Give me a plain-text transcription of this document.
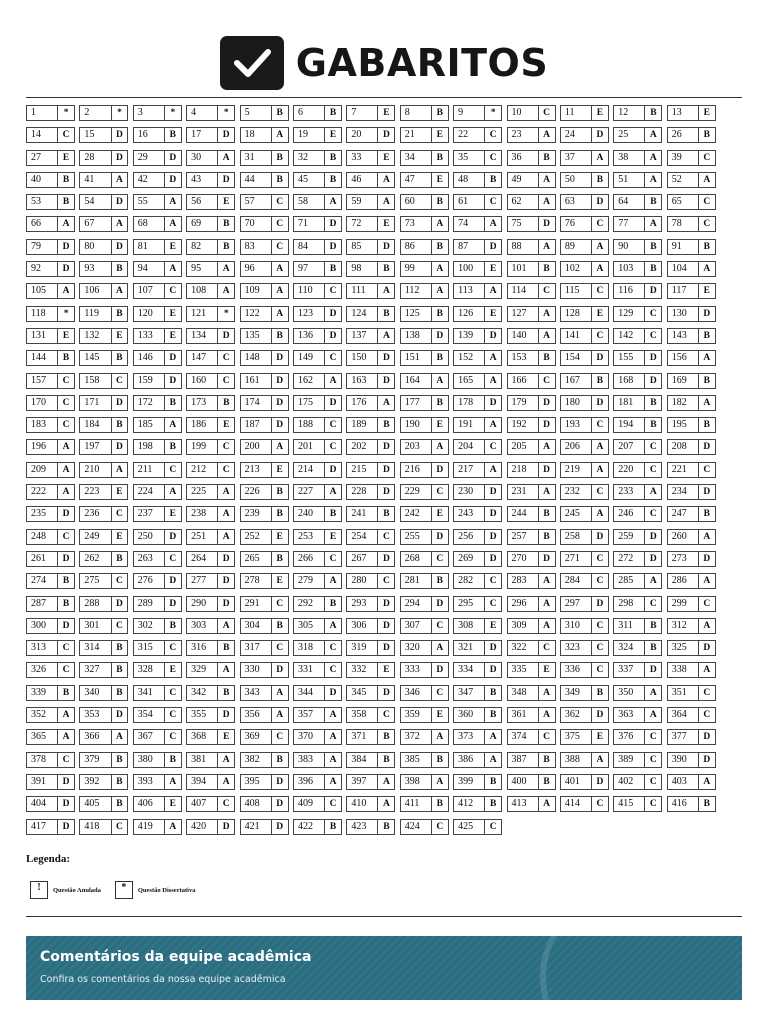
GABARITOS
1	*	2	*	3	*	4	*	5	B	6	B	7	E	8	B	9	*	10	C	11	E	12	B	13	E
14	C	15	D	16	B	17	D	18	A	19	E	20	D	21	E	22	C	23	A	24	D	25	A	26	B
27	E	28	D	29	D	30	A	31	B	32	B	33	E	34	B	35	C	36	B	37	A	38	A	39	C
40	B	41	A	42	D	43	D	44	B	45	B	46	A	47	E	48	B	49	A	50	B	51	A	52	A
53	B	54	D	55	A	56	E	57	C	58	A	59	A	60	B	61	C	62	A	63	D	64	B	65	C
66	A	67	A	68	A	69	B	70	C	71	D	72	E	73	A	74	A	75	D	76	C	77	A	78	C
79	D	80	D	81	E	82	B	83	C	84	D	85	D	86	B	87	D	88	A	89	A	90	B	91	B
92	D	93	B	94	A	95	A	96	A	97	B	98	B	99	A	100	E	101	B	102	A	103	B	104	A
105	A	106	A	107	C	108	A	109	A	110	C	111	A	112	A	113	A	114	C	115	C	116	D	117	E
118	*	119	B	120	E	121	*	122	A	123	D	124	B	125	B	126	E	127	A	128	E	129	C	130	D
131	E	132	E	133	E	134	D	135	B	136	D	137	A	138	D	139	D	140	A	141	C	142	C	143	B
144	B	145	B	146	D	147	C	148	D	149	C	150	D	151	B	152	A	153	B	154	D	155	D	156	A
157	C	158	C	159	D	160	C	161	D	162	A	163	D	164	A	165	A	166	C	167	B	168	D	169	B
170	C	171	D	172	B	173	B	174	D	175	D	176	A	177	B	178	D	179	D	180	D	181	B	182	A
183	C	184	B	185	A	186	E	187	D	188	C	189	B	190	E	191	A	192	D	193	C	194	B	195	B
196	A	197	D	198	B	199	C	200	A	201	C	202	D	203	A	204	C	205	A	206	A	207	C	208	D
209	A	210	A	211	C	212	C	213	E	214	D	215	D	216	D	217	A	218	D	219	A	220	C	221	C
222	A	223	E	224	A	225	A	226	B	227	A	228	D	229	C	230	D	231	A	232	C	233	A	234	D
235	D	236	C	237	E	238	A	239	B	240	B	241	B	242	E	243	D	244	B	245	A	246	C	247	B
248	C	249	E	250	D	251	A	252	E	253	E	254	C	255	D	256	D	257	B	258	D	259	D	260	A
261	D	262	B	263	C	264	D	265	B	266	C	267	D	268	C	269	D	270	D	271	C	272	D	273	D
274	B	275	C	276	D	277	D	278	E	279	A	280	C	281	B	282	C	283	A	284	C	285	A	286	A
287	B	288	D	289	D	290	D	291	C	292	B	293	D	294	D	295	C	296	A	297	D	298	C	299	C
300	D	301	C	302	B	303	A	304	B	305	A	306	D	307	C	308	E	309	A	310	C	311	B	312	A
313	C	314	B	315	C	316	B	317	C	318	C	319	D	320	A	321	D	322	C	323	C	324	B	325	D
326	C	327	B	328	E	329	A	330	D	331	C	332	E	333	D	334	D	335	E	336	C	337	D	338	A
339	B	340	B	341	C	342	B	343	A	344	D	345	D	346	C	347	B	348	A	349	B	350	A	351	C
352	A	353	D	354	C	355	D	356	A	357	A	358	C	359	E	360	B	361	A	362	D	363	A	364	C
365	A	366	A	367	C	368	E	369	C	370	A	371	B	372	A	373	A	374	C	375	E	376	C	377	D
378	C	379	B	380	B	381	A	382	B	383	A	384	B	385	B	386	A	387	B	388	A	389	C	390	D
391	D	392	B	393	A	394	A	395	D	396	A	397	A	398	A	399	B	400	B	401	D	402	C	403	A
404	D	405	B	406	E	407	C	408	D	409	C	410	A	411	B	412	B	413	A	414	C	415	C	416	B
417	D	418	C	419	A	420	D	421	D	422	B	423	B	424	C	425	C
Legenda:
!	Questão Anulada	*	Questão Dissertativa
Comentários da equipe acadêmica
Confira os comentários da nossa equipe acadêmica
